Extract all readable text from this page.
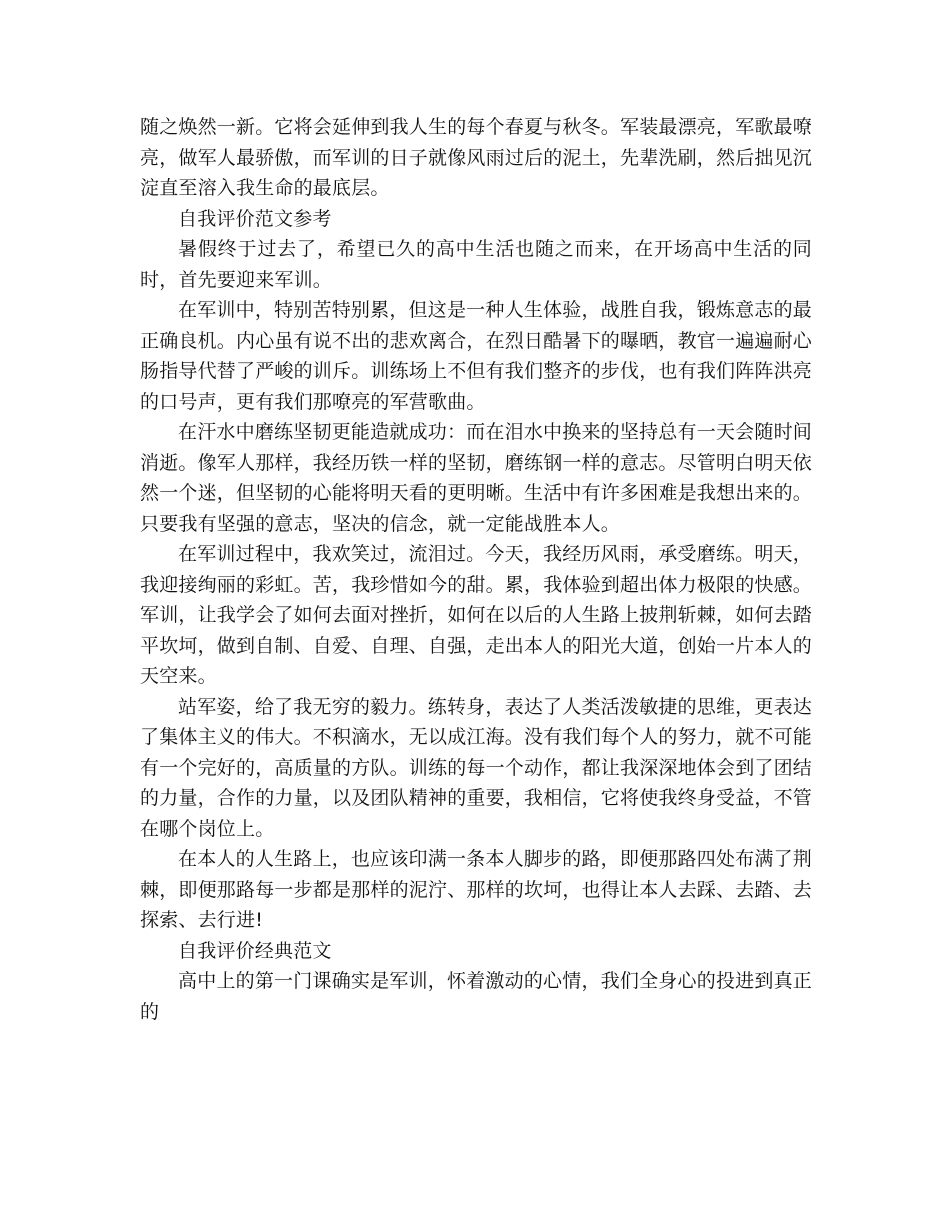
随之焕然一新。它将会延伸到我人生的每个春夏与秋冬。军装最漂亮，军歌最嘹亮，做军人最骄傲，而军训的日子就像风雨过后的泥土，先辈洗刷，然后拙见沉淀直至溶入我生命的最底层。

自我评价范文参考

暑假终于过去了，希望已久的高中生活也随之而来，在开场高中生活的同时，首先要迎来军训。

在军训中，特别苦特别累，但这是一种人生体验，战胜自我，锻炼意志的最正确良机。内心虽有说不出的悲欢离合，在烈日酷暑下的曝晒，教官一遍遍耐心肠指导代替了严峻的训斥。训练场上不但有我们整齐的步伐，也有我们阵阵洪亮的口号声，更有我们那嘹亮的军营歌曲。

在汗水中磨练坚韧更能造就成功：而在泪水中换来的坚持总有一天会随时间消逝。像军人那样，我经历铁一样的坚韧，磨练钢一样的意志。尽管明白明天依然一个迷，但坚韧的心能将明天看的更明晰。生活中有许多困难是我想出来的。只要我有坚强的意志，坚决的信念，就一定能战胜本人。

在军训过程中，我欢笑过，流泪过。今天，我经历风雨，承受磨练。明天，我迎接绚丽的彩虹。苦，我珍惜如今的甜。累，我体验到超出体力极限的快感。军训，让我学会了如何去面对挫折，如何在以后的人生路上披荆斩棘，如何去踏平坎坷，做到自制、自爱、自理、自强，走出本人的阳光大道，创始一片本人的天空来。

站军姿，给了我无穷的毅力。练转身，表达了人类活泼敏捷的思维，更表达了集体主义的伟大。不积滴水，无以成江海。没有我们每个人的努力，就不可能有一个完好的，高质量的方队。训练的每一个动作，都让我深深地体会到了团结的力量，合作的力量，以及团队精神的重要，我相信，它将使我终身受益，不管在哪个岗位上。

在本人的人生路上，也应该印满一条本人脚步的路，即便那路四处布满了荆棘，即便那路每一步都是那样的泥泞、那样的坎坷，也得让本人去踩、去踏、去探索、去行进!

自我评价经典范文

高中上的第一门课确实是军训，怀着激动的心情，我们全身心的投进到真正的
